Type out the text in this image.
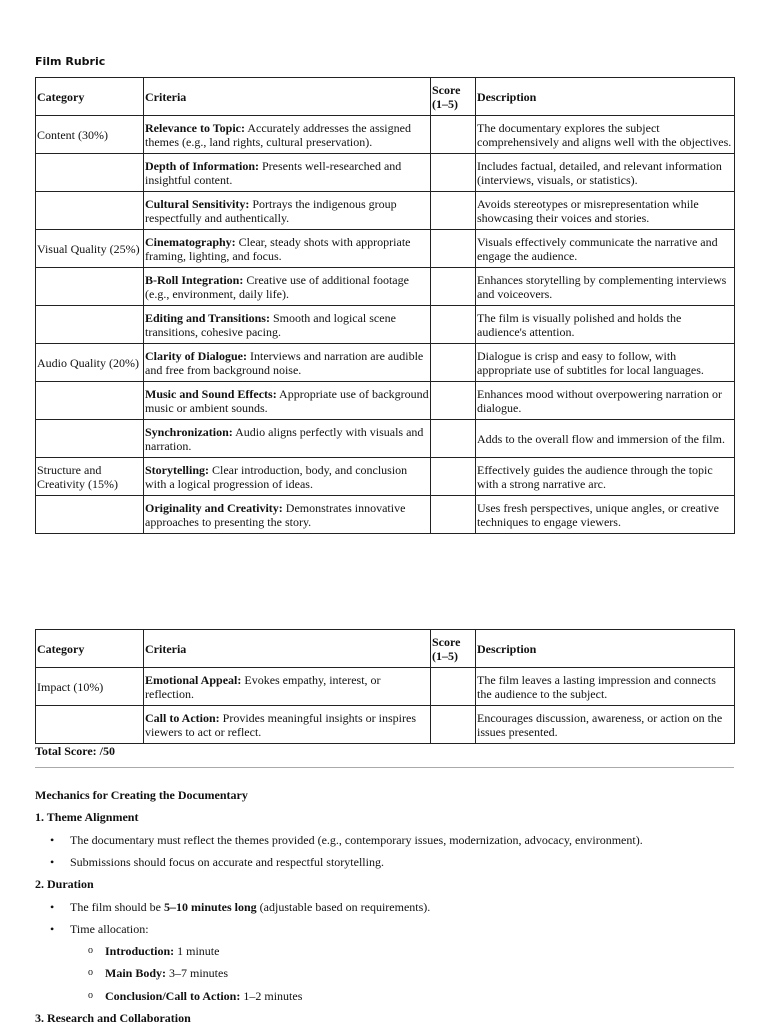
Film Rubric
Category	Criteria	Score (1–5)	Description
Content (30%)	Relevance to Topic: Accurately addresses the assigned themes (e.g., land rights, cultural preservation).		The documentary explores the subject comprehensively and aligns well with the objectives.
	Depth of Information: Presents well-researched and insightful content.		Includes factual, detailed, and relevant information (interviews, visuals, or statistics).
	Cultural Sensitivity: Portrays the indigenous group respectfully and authentically.		Avoids stereotypes or misrepresentation while showcasing their voices and stories.
Visual Quality (25%)	Cinematography: Clear, steady shots with appropriate framing, lighting, and focus.		Visuals effectively communicate the narrative and engage the audience.
	B-Roll Integration: Creative use of additional footage (e.g., environment, daily life).		Enhances storytelling by complementing interviews and voiceovers.
	Editing and Transitions: Smooth and logical scene transitions, cohesive pacing.		The film is visually polished and holds the audience's attention.
Audio Quality (20%)	Clarity of Dialogue: Interviews and narration are audible and free from background noise.		Dialogue is crisp and easy to follow, with appropriate use of subtitles for local languages.
	Music and Sound Effects: Appropriate use of background music or ambient sounds.		Enhances mood without overpowering narration or dialogue.
	Synchronization: Audio aligns perfectly with visuals and narration.		Adds to the overall flow and immersion of the film.
Structure and Creativity (15%)	Storytelling: Clear introduction, body, and conclusion with a logical progression of ideas.		Effectively guides the audience through the topic with a strong narrative arc.
	Originality and Creativity: Demonstrates innovative approaches to presenting the story.		Uses fresh perspectives, unique angles, or creative techniques to engage viewers.
Category	Criteria	Score (1–5)	Description
Impact (10%)	Emotional Appeal: Evokes empathy, interest, or reflection.		The film leaves a lasting impression and connects the audience to the subject.
	Call to Action: Provides meaningful insights or inspires viewers to act or reflect.		Encourages discussion, awareness, or action on the issues presented.
Total Score: /50
Mechanics for Creating the Documentary
1. Theme Alignment
• The documentary must reflect the themes provided (e.g., contemporary issues, modernization, advocacy, environment).
• Submissions should focus on accurate and respectful storytelling.
2. Duration
• The film should be 5–10 minutes long (adjustable based on requirements).
• Time allocation:
o Introduction: 1 minute
o Main Body: 3–7 minutes
o Conclusion/Call to Action: 1–2 minutes
3. Research and Collaboration
